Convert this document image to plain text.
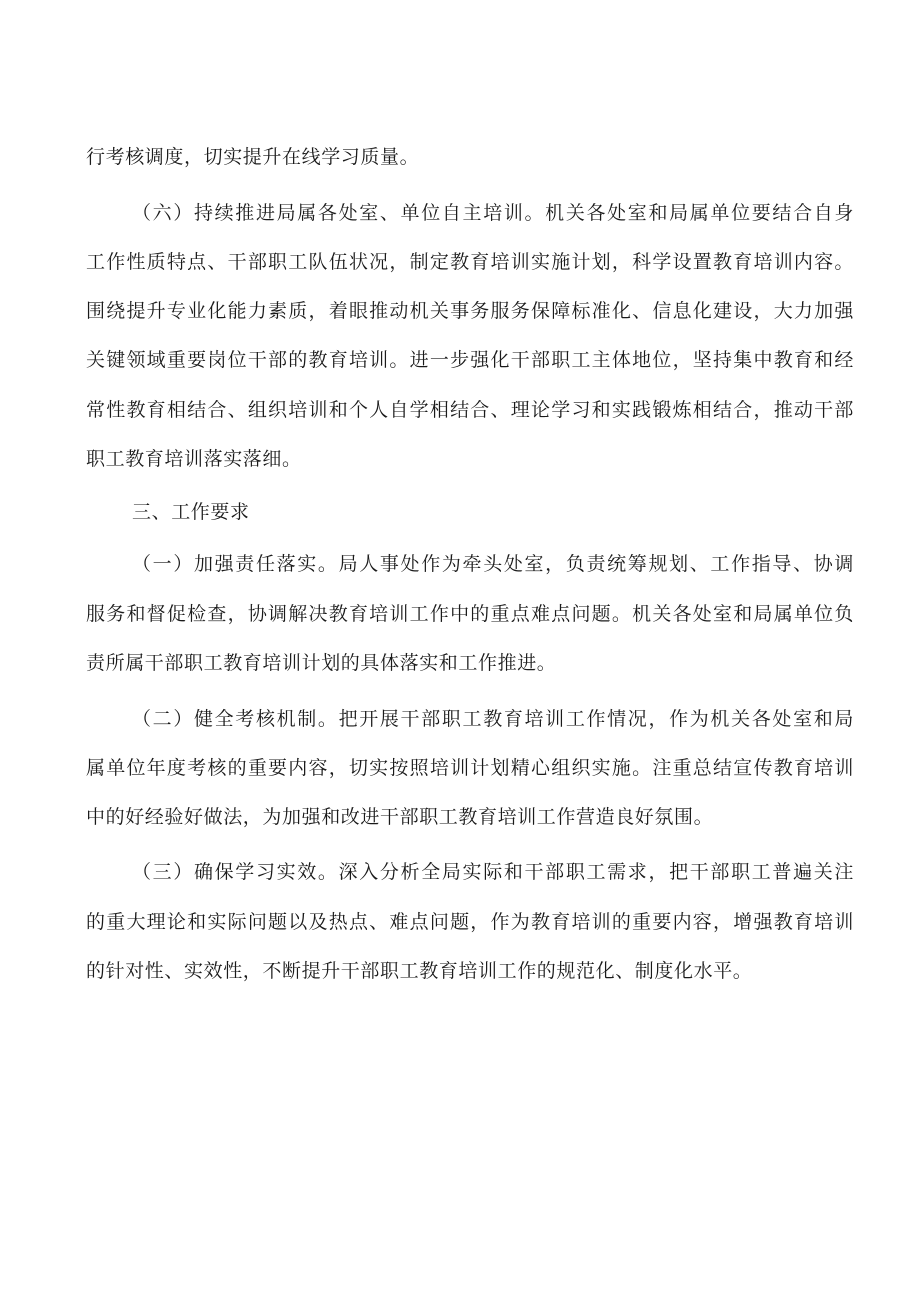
行考核调度，切实提升在线学习质量。
（六）持续推进局属各处室、单位自主培训。机关各处室和局属单位要结合自身
工作性质特点、干部职工队伍状况，制定教育培训实施计划，科学设置教育培训内容。
围绕提升专业化能力素质，着眼推动机关事务服务保障标准化、信息化建设，大力加强
关键领域重要岗位干部的教育培训。进一步强化干部职工主体地位，坚持集中教育和经
常性教育相结合、组织培训和个人自学相结合、理论学习和实践锻炼相结合，推动干部
职工教育培训落实落细。
三、工作要求
（一）加强责任落实。局人事处作为牵头处室，负责统筹规划、工作指导、协调
服务和督促检查，协调解决教育培训工作中的重点难点问题。机关各处室和局属单位负
责所属干部职工教育培训计划的具体落实和工作推进。
（二）健全考核机制。把开展干部职工教育培训工作情况，作为机关各处室和局
属单位年度考核的重要内容，切实按照培训计划精心组织实施。注重总结宣传教育培训
中的好经验好做法，为加强和改进干部职工教育培训工作营造良好氛围。
（三）确保学习实效。深入分析全局实际和干部职工需求，把干部职工普遍关注
的重大理论和实际问题以及热点、难点问题，作为教育培训的重要内容，增强教育培训
的针对性、实效性，不断提升干部职工教育培训工作的规范化、制度化水平。
